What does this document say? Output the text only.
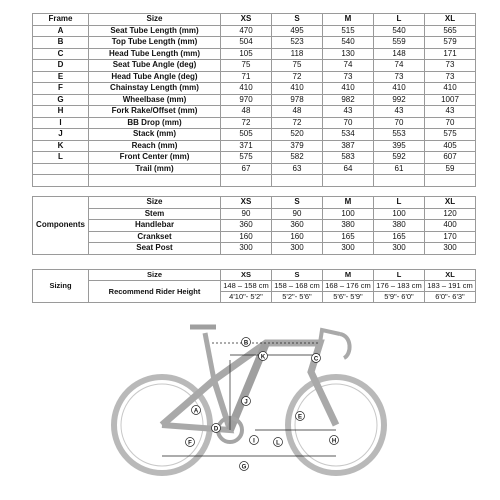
Frame	Size	XS	S	M	L	XL
A	Seat Tube Length (mm)	470	495	515	540	565
B	Top Tube Length (mm)	504	523	540	559	579
C	Head Tube Length (mm)	105	118	130	148	171
D	Seat Tube Angle (deg)	75	75	74	74	73
E	Head Tube Angle (deg)	71	72	73	73	73
F	Chainstay Length (mm)	410	410	410	410	410
G	Wheelbase (mm)	970	978	982	992	1007
H	Fork Rake/Offset (mm)	48	48	43	43	43
I	BB Drop (mm)	72	72	70	70	70
J	Stack (mm)	505	520	534	553	575
K	Reach (mm)	371	379	387	395	405
L	Front Center (mm)	575	582	583	592	607
	Trail (mm)	67	63	64	61	59

Components	Size	XS	S	M	L	XL
	Stem	90	90	100	100	120
	Handlebar	360	360	380	380	400
	Crankset	160	160	165	165	170
	Seat Post	300	300	300	300	300
Sizing	Size	XS	S	M	L	XL
	Recommend Rider Height	148 – 158 cm	158 – 168 cm	168 – 176 cm	176 – 183 cm	183 – 191 cm
		4'10"- 5'2"	5'2"- 5'6"	5'6"- 5'9"	5'9"- 6'0"	6'0"- 6'3"
A
B
C
D
E
F
G
H
I
J
K
L
